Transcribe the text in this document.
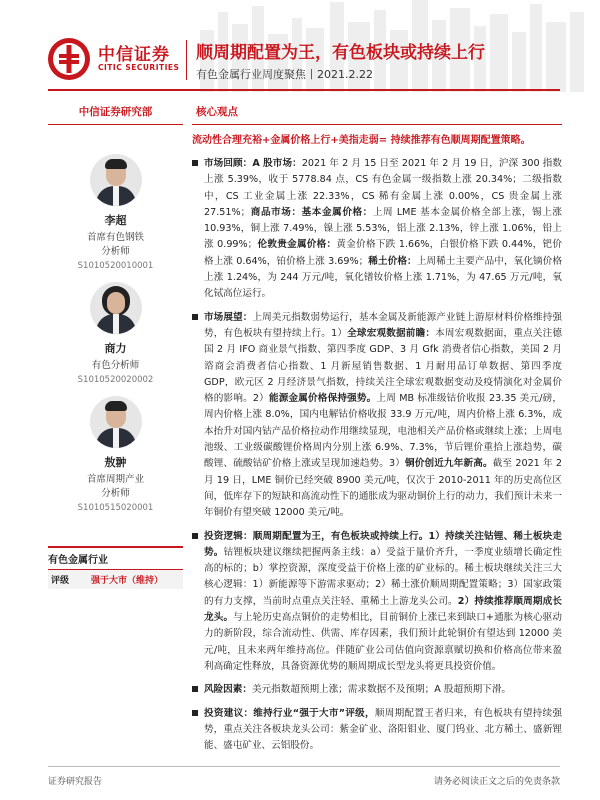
中信证券
CITIC SECURITIES
顺周期配置为王，有色板块或持续上行
有色金属行业周度聚焦丨2021.2.22
中信证券研究部
李超
首席有色钢铁
分析师
S1010520010001
商力
有色分析师
S1010520020002
敖翀
首席周期产业
分析师
S1010515020001
有色金属行业
评级	强于大市（维持）
核心观点
流动性合理充裕+金属价格上行+美指走弱= 持续推荐有色顺周期配置策略。
市场回顾：A 股市场：2021 年 2 月 15 日至 2021 年 2 月 19 日，沪深 300 指数上涨 5.39%，收于 5778.84 点，CS 有色金属一级指数上涨 20.34%；二级指数中，CS 工业金属上涨 22.33%，CS 稀有金属上涨 0.00%，CS 贵金属上涨 27.51%；商品市场：基本金属价格：上周 LME 基本金属价格全部上涨，锡上涨 10.93%，铜上涨 7.49%，镍上涨 5.53%，铝上涨 2.13%，锌上涨 1.06%，铅上涨 0.99%；伦敦贵金属价格：黄金价格下跌 1.66%，白银价格下跌 0.44%，钯价格上涨 0.64%，铂价格上涨 3.69%；稀土价格：上周稀土主要产品中，氧化镝价格上涨 1.24%，为 244 万元/吨，氧化镨钕价格上涨 1.71%，为 47.65 万元/吨，氧化铽高位运行。
市场展望：上周美元指数弱势运行，基本金属及新能源产业链上游原材料价格维持强势，有色板块有望持续上行。1）全球宏观数据前瞻：本周宏观数据面，重点关注德国 2 月 IFO 商业景气指数、第四季度 GDP、3 月 Gfk 消费者信心指数，美国 2 月谘商会消费者信心指数、1 月新屋销售数据、1 月耐用品订单数据、第四季度 GDP，欧元区 2 月经济景气指数，持续关注全球宏观数据变动及疫情演化对金属价格的影响。2）能源金属价格保持强势。上周 MB 标准级钴价收报 23.35 美元/磅，周内价格上涨 8.0%，国内电解钴价格收报 33.9 万元/吨，周内价格上涨 6.3%，成本抬升对国内钴产品价格拉动作用继续显现，电池相关产品价格或继续上涨；上周电池级、工业级碳酸锂价格周内分别上涨 6.9%、7.3%，节后锂价重拾上涨趋势，碳酸锂、硫酸钴矿价格上涨或呈现加速趋势。3）铜价创近九年新高。截至 2021 年 2 月 19 日，LME 铜价已经突破 8900 美元/吨，仅次于 2010-2011 年的历史高位区间，低库存下的短缺和高流动性下的通胀成为驱动铜价上行的动力，我们预计未来一年铜价有望突破 12000 美元/吨。
投资逻辑：顺周期配置为王，有色板块或持续上行。1）持续关注钴锂、稀土板块走势。钴锂板块建议继续把握两条主线：a）受益于量价齐升，一季度业绩增长确定性高的标的；b）掌控资源，深度受益于价格上涨的矿业标的。稀土板块继续关注三大核心逻辑：1）新能源等下游需求驱动；2）稀土涨价顺周期配置策略；3）国家政策的有力支撑，当前时点重点关注轻、重稀土上游龙头公司。2）持续推荐顺周期成长龙头。与上轮历史高点铜价的走势相比，目前铜价上涨已来到缺口+通胀为核心驱动力的新阶段，综合流动性、供需、库存因素，我们预计此轮铜价有望达到 12000 美元/吨，且未来两年维持高位。伴随矿业公司估值向资源禀赋切换和价格高位带来盈利高确定性释放，具备资源优势的顺周期成长型龙头将更具投资价值。
风险因素：美元指数超预期上涨；需求数据不及预期；A 股超预期下滑。
投资建议：维持行业“强于大市”评级，顺周期配置王者归来，有色板块有望持续强势，重点关注各板块龙头公司：紫金矿业、洛阳钼业、厦门钨业、北方稀土、盛新锂能、盛屯矿业、云铝股份。
证券研究报告	请务必阅读正文之后的免责条款
